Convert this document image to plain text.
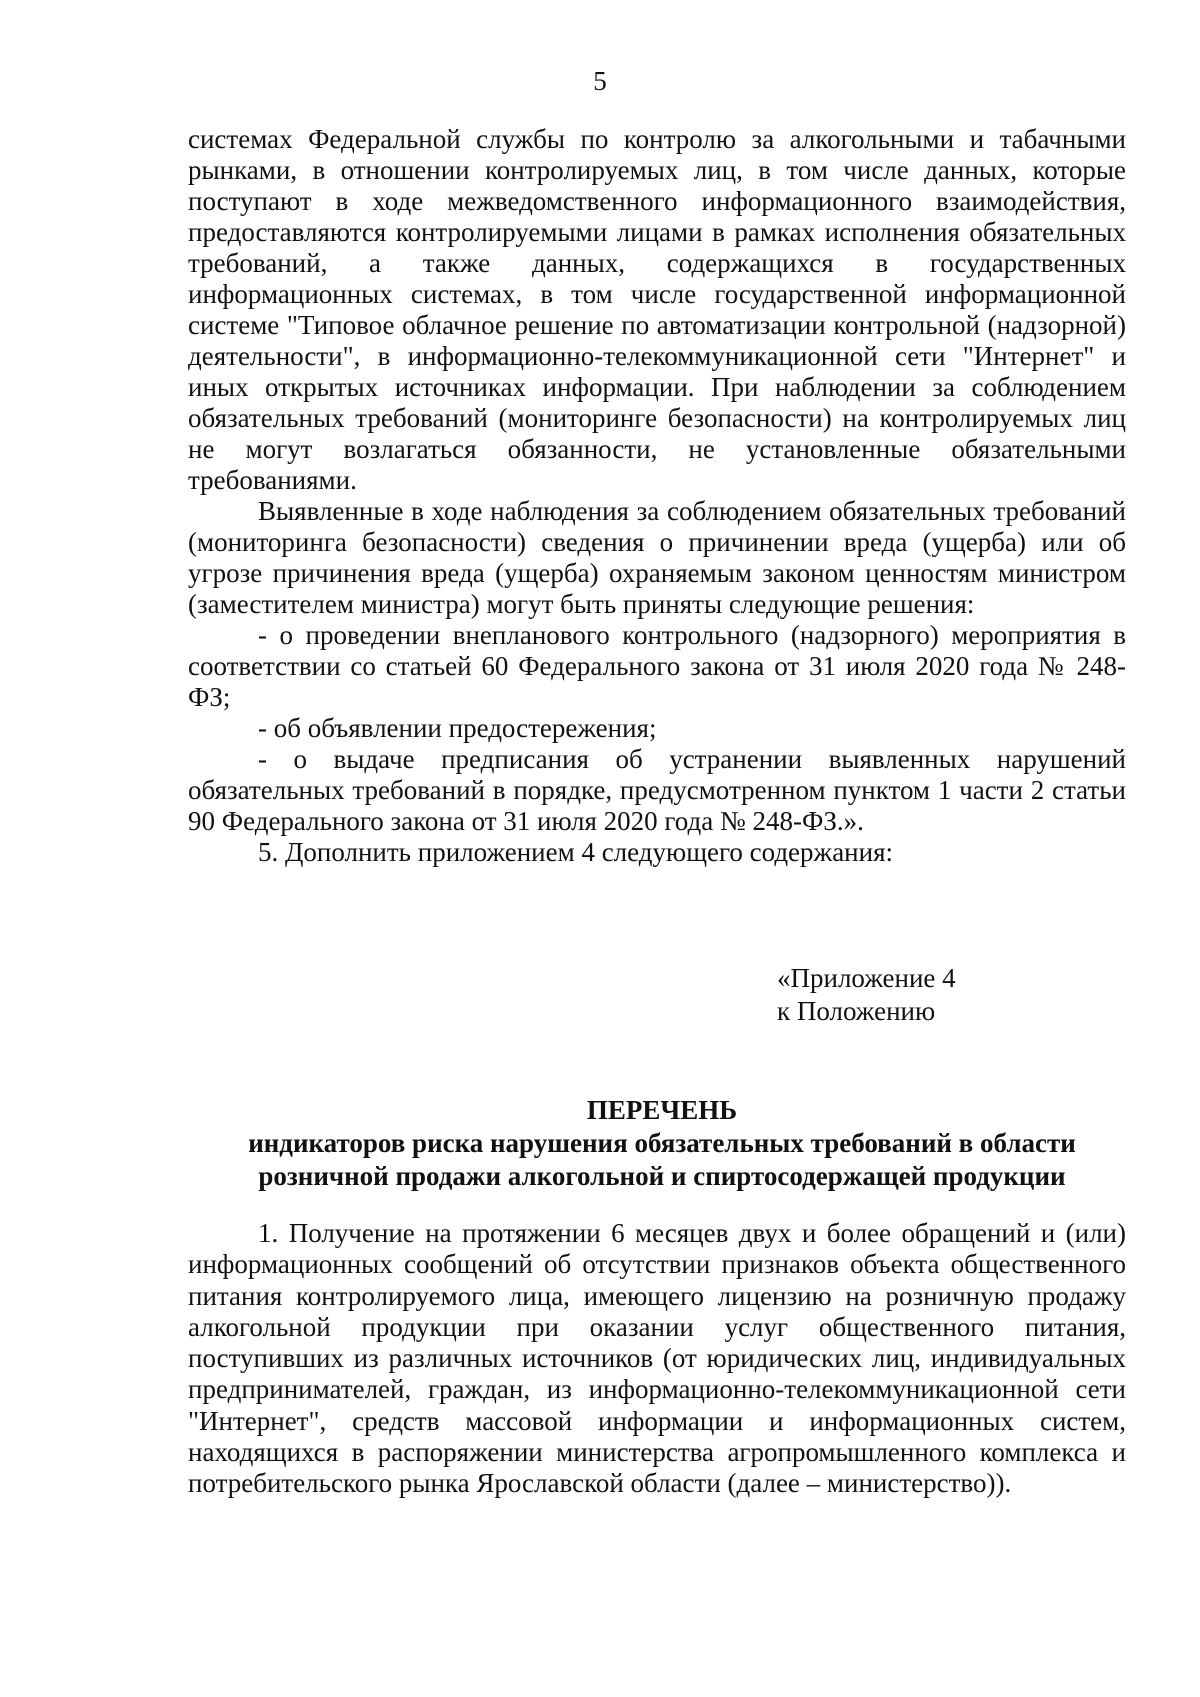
5

системах Федеральной службы по контролю за алкогольными и табачными рынками, в отношении контролируемых лиц, в том числе данных, которые поступают в ходе межведомственного информационного взаимодействия, предоставляются контролируемыми лицами в рамках исполнения обязательных требований, а также данных, содержащихся в государственных информационных системах, в том числе государственной информационной системе "Типовое облачное решение по автоматизации контрольной (надзорной) деятельности", в информационно-телекоммуникационной сети "Интернет" и иных открытых источниках информации. При наблюдении за соблюдением обязательных требований (мониторинге безопасности) на контролируемых лиц не могут возлагаться обязанности, не установленные обязательными требованиями.

Выявленные в ходе наблюдения за соблюдением обязательных требований (мониторинга безопасности) сведения о причинении вреда (ущерба) или об угрозе причинения вреда (ущерба) охраняемым законом ценностям министром (заместителем министра) могут быть приняты следующие решения:

- о проведении внепланового контрольного (надзорного) мероприятия в соответствии со статьей 60 Федерального закона от 31 июля 2020 года № 248-ФЗ;

- об объявлении предостережения;

- о выдаче предписания об устранении выявленных нарушений обязательных требований в порядке, предусмотренном пунктом 1 части 2 статьи 90 Федерального закона от 31 июля 2020 года № 248-ФЗ.».

5. Дополнить приложением 4 следующего содержания:

«Приложение 4
к Положению
ПЕРЕЧЕНЬ
индикаторов риска нарушения обязательных требований в области
розничной продажи алкогольной и спиртосодержащей продукции

1. Получение на протяжении 6 месяцев двух и более обращений и (или) информационных сообщений об отсутствии признаков объекта общественного питания контролируемого лица, имеющего лицензию на розничную продажу алкогольной продукции при оказании услуг общественного питания, поступивших из различных источников (от юридических лиц, индивидуальных предпринимателей, граждан, из информационно-телекоммуникационной сети "Интернет", средств массовой информации и информационных систем, находящихся в распоряжении министерства агропромышленного комплекса и потребительского рынка Ярославской области (далее – министерство)).
